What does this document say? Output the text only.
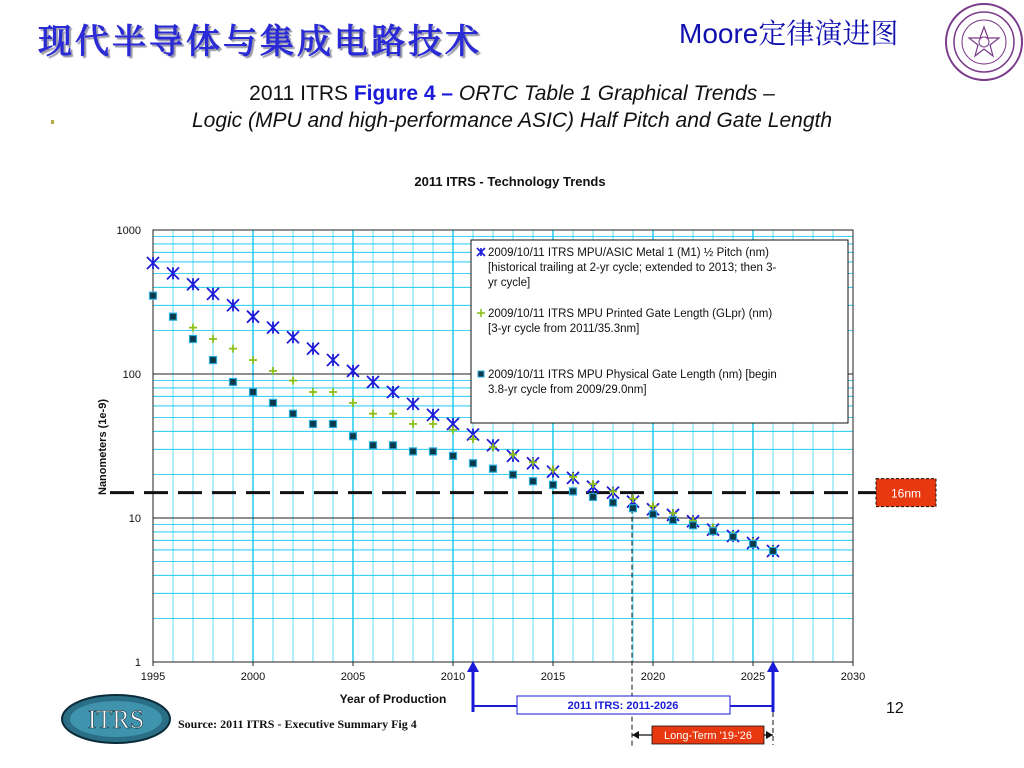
现代半导体与集成电路技术	Moore定律演进图
2011 ITRS Figure 4 – ORTC Table 1 Graphical Trends –
Logic (MPU and high-performance ASIC) Half Pitch and Gate Length
1995	2000	2005	2010	2015	2020	2025	2030
1
10
100
1000
16nm
2009/10/11 ITRS MPU/ASIC Metal 1 (M1) ½ Pitch (nm)
[historical trailing at 2-yr cycle; extended to 2013; then 3-
yr cycle]
2009/10/11 ITRS MPU Printed Gate Length (GLpr) (nm)
[3-yr cycle from 2011/35.3nm]
2009/10/11 ITRS MPU Physical Gate Length (nm) [begin
3.8-yr cycle from 2009/29.0nm]
2011 ITRS: 2011-2026
Long-Term '19-'26
2011 ITRS - Technology Trends
Year of Production
Nanometers (1e-9)
ITRS	Source: 2011 ITRS - Executive Summary Fig 4
12
